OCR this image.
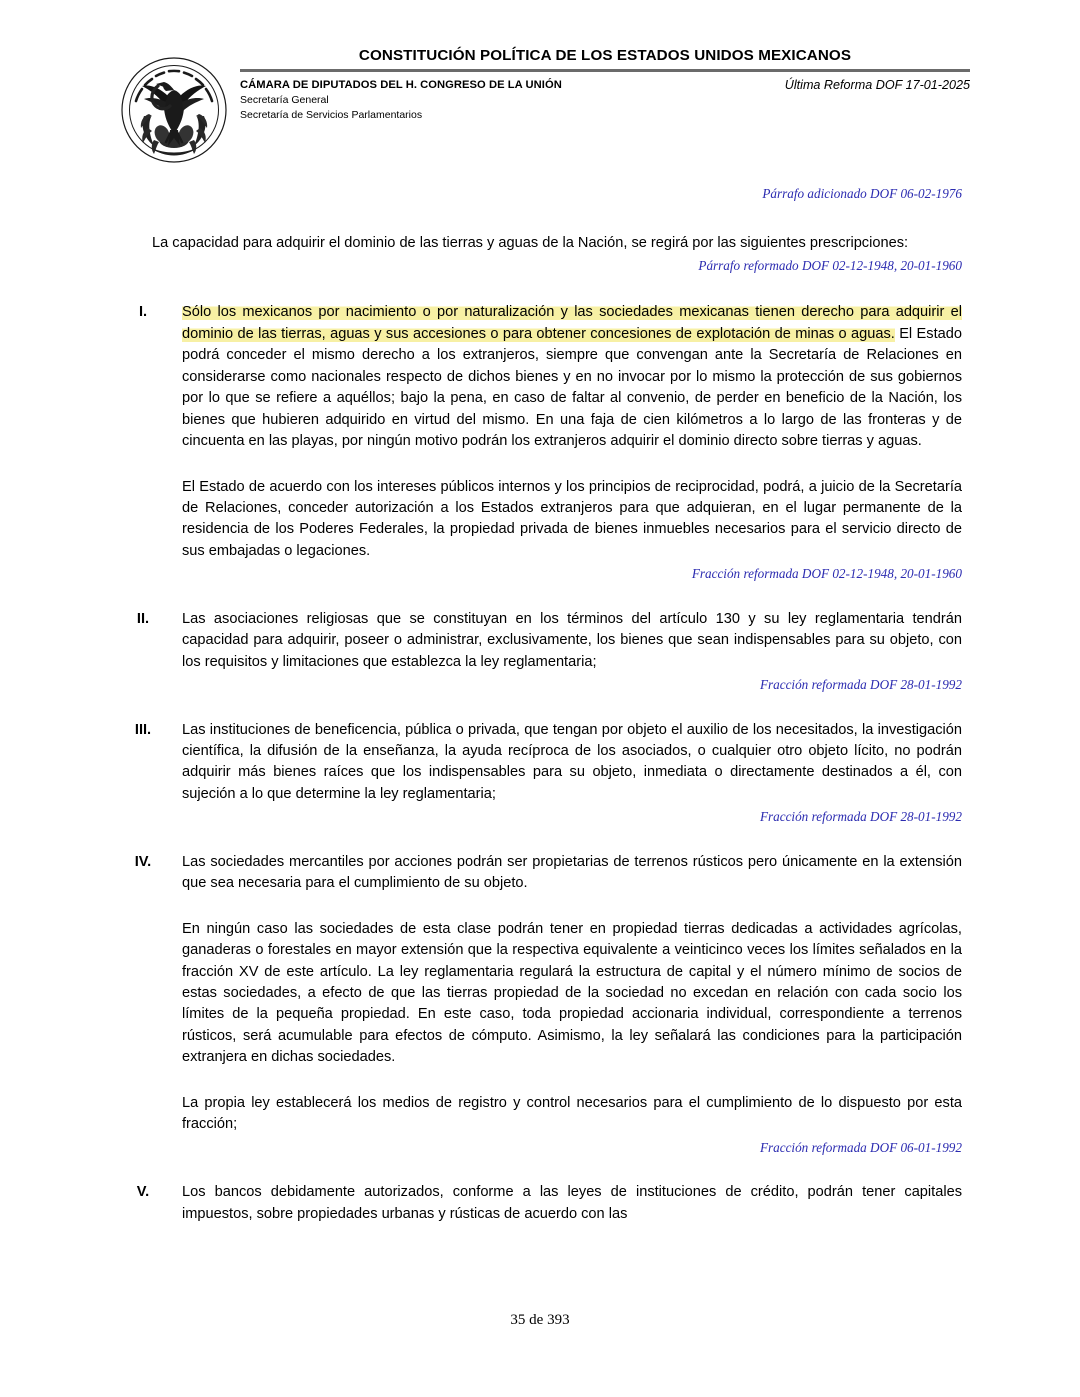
CONSTITUCIÓN POLÍTICA DE LOS ESTADOS UNIDOS MEXICANOS
CÁMARA DE DIPUTADOS DEL H. CONGRESO DE LA UNIÓN
Secretaría General
Secretaría de Servicios Parlamentarios
Última Reforma DOF 17-01-2025
Párrafo adicionado DOF 06-02-1976

La capacidad para adquirir el dominio de las tierras y aguas de la Nación, se regirá por las siguientes prescripciones:

Párrafo reformado DOF 02-12-1948, 20-01-1960
I.	Sólo los mexicanos por nacimiento o por naturalización y las sociedades mexicanas tienen derecho para adquirir el dominio de las tierras, aguas y sus accesiones o para obtener concesiones de explotación de minas o aguas. El Estado podrá conceder el mismo derecho a los extranjeros, siempre que convengan ante la Secretaría de Relaciones en considerarse como nacionales respecto de dichos bienes y en no invocar por lo mismo la protección de sus gobiernos por lo que se refiere a aquéllos; bajo la pena, en caso de faltar al convenio, de perder en beneficio de la Nación, los bienes que hubieren adquirido en virtud del mismo. En una faja de cien kilómetros a lo largo de las fronteras y de cincuenta en las playas, por ningún motivo podrán los extranjeros adquirir el dominio directo sobre tierras y aguas.

El Estado de acuerdo con los intereses públicos internos y los principios de reciprocidad, podrá, a juicio de la Secretaría de Relaciones, conceder autorización a los Estados extranjeros para que adquieran, en el lugar permanente de la residencia de los Poderes Federales, la propiedad privada de bienes inmuebles necesarios para el servicio directo de sus embajadas o legaciones.

Fracción reformada DOF 02-12-1948, 20-01-1960
II.	Las asociaciones religiosas que se constituyan en los términos del artículo 130 y su ley reglamentaria tendrán capacidad para adquirir, poseer o administrar, exclusivamente, los bienes que sean indispensables para su objeto, con los requisitos y limitaciones que establezca la ley reglamentaria;

Fracción reformada DOF 28-01-1992
III.	Las instituciones de beneficencia, pública o privada, que tengan por objeto el auxilio de los necesitados, la investigación científica, la difusión de la enseñanza, la ayuda recíproca de los asociados, o cualquier otro objeto lícito, no podrán adquirir más bienes raíces que los indispensables para su objeto, inmediata o directamente destinados a él, con sujeción a lo que determine la ley reglamentaria;

Fracción reformada DOF 28-01-1992
IV.	Las sociedades mercantiles por acciones podrán ser propietarias de terrenos rústicos pero únicamente en la extensión que sea necesaria para el cumplimiento de su objeto.

En ningún caso las sociedades de esta clase podrán tener en propiedad tierras dedicadas a actividades agrícolas, ganaderas o forestales en mayor extensión que la respectiva equivalente a veinticinco veces los límites señalados en la fracción XV de este artículo. La ley reglamentaria regulará la estructura de capital y el número mínimo de socios de estas sociedades, a efecto de que las tierras propiedad de la sociedad no excedan en relación con cada socio los límites de la pequeña propiedad. En este caso, toda propiedad accionaria individual, correspondiente a terrenos rústicos, será acumulable para efectos de cómputo. Asimismo, la ley señalará las condiciones para la participación extranjera en dichas sociedades.

La propia ley establecerá los medios de registro y control necesarios para el cumplimiento de lo dispuesto por esta fracción;

Fracción reformada DOF 06-01-1992
V.	Los bancos debidamente autorizados, conforme a las leyes de instituciones de crédito, podrán tener capitales impuestos, sobre propiedades urbanas y rústicas de acuerdo con las

35 de 393
